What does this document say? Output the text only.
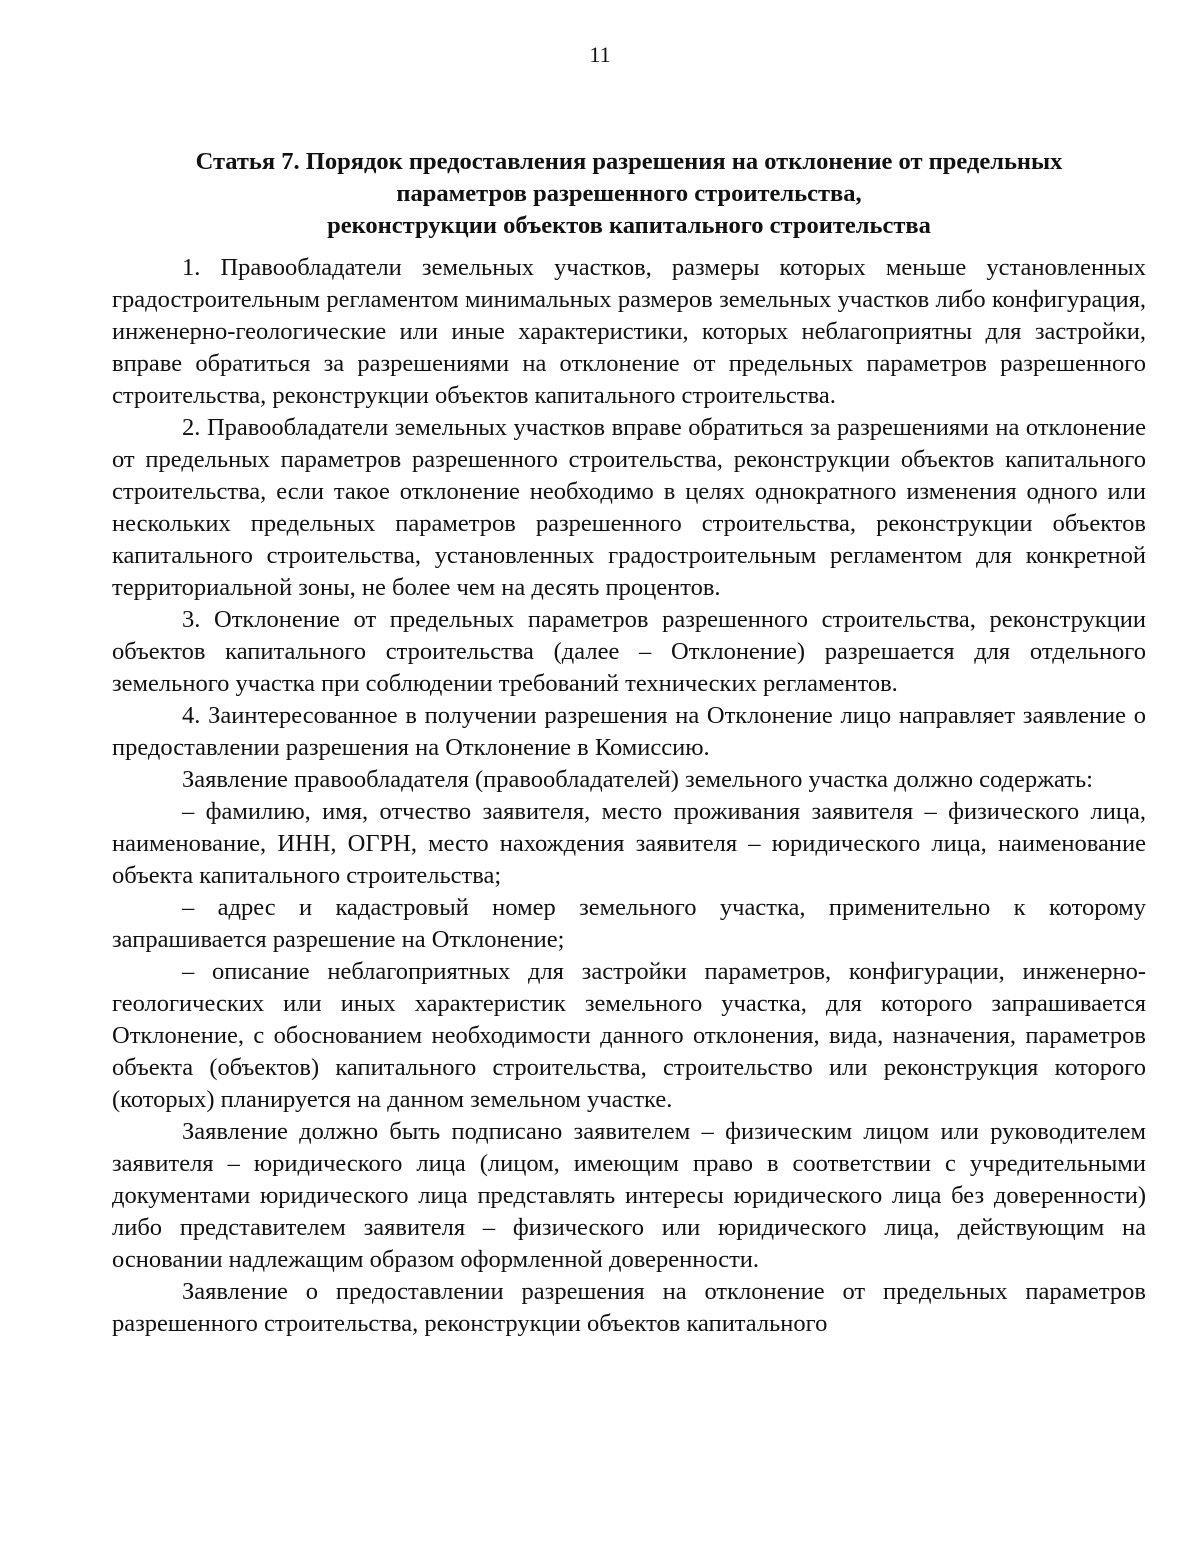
11
Статья 7. Порядок предоставления разрешения на отклонение от предельных
параметров разрешенного строительства,
реконструкции объектов капитального строительства

1. Правообладатели земельных участков, размеры которых меньше установленных градостроительным регламентом минимальных размеров земельных участков либо конфигурация, инженерно-геологические или иные характеристики, которых неблагоприятны для застройки, вправе обратиться за разрешениями на отклонение от предельных параметров разрешенного строительства, реконструкции объектов капитального строительства.

2. Правообладатели земельных участков вправе обратиться за разрешениями на отклонение от предельных параметров разрешенного строительства, реконструкции объектов капитального строительства, если такое отклонение необходимо в целях однократного изменения одного или нескольких предельных параметров разрешенного строительства, реконструкции объектов капитального строительства, установленных градостроительным регламентом для конкретной территориальной зоны, не более чем на десять процентов.

3. Отклонение от предельных параметров разрешенного строительства, реконструкции объектов капитального строительства (далее – Отклонение) разрешается для отдельного земельного участка при соблюдении требований технических регламентов.

4. Заинтересованное в получении разрешения на Отклонение лицо направляет заявление о предоставлении разрешения на Отклонение в Комиссию.

Заявление правообладателя (правообладателей) земельного участка должно содержать:

– фамилию, имя, отчество заявителя, место проживания заявителя – физического лица, наименование, ИНН, ОГРН, место нахождения заявителя – юридического лица, наименование объекта капитального строительства;

– адрес и кадастровый номер земельного участка, применительно к которому запрашивается разрешение на Отклонение;

– описание неблагоприятных для застройки параметров, конфигурации, инженерно-геологических или иных характеристик земельного участка, для которого запрашивается Отклонение, с обоснованием необходимости данного отклонения, вида, назначения, параметров объекта (объектов) капитального строительства, строительство или реконструкция которого (которых) планируется на данном земельном участке.

Заявление должно быть подписано заявителем – физическим лицом или руководителем заявителя – юридического лица (лицом, имеющим право в соответствии с учредительными документами юридического лица представлять интересы юридического лица без доверенности) либо представителем заявителя – физического или юридического лица, действующим на основании надлежащим образом оформленной доверенности.

Заявление о предоставлении разрешения на отклонение от предельных параметров разрешенного строительства, реконструкции объектов капитального
